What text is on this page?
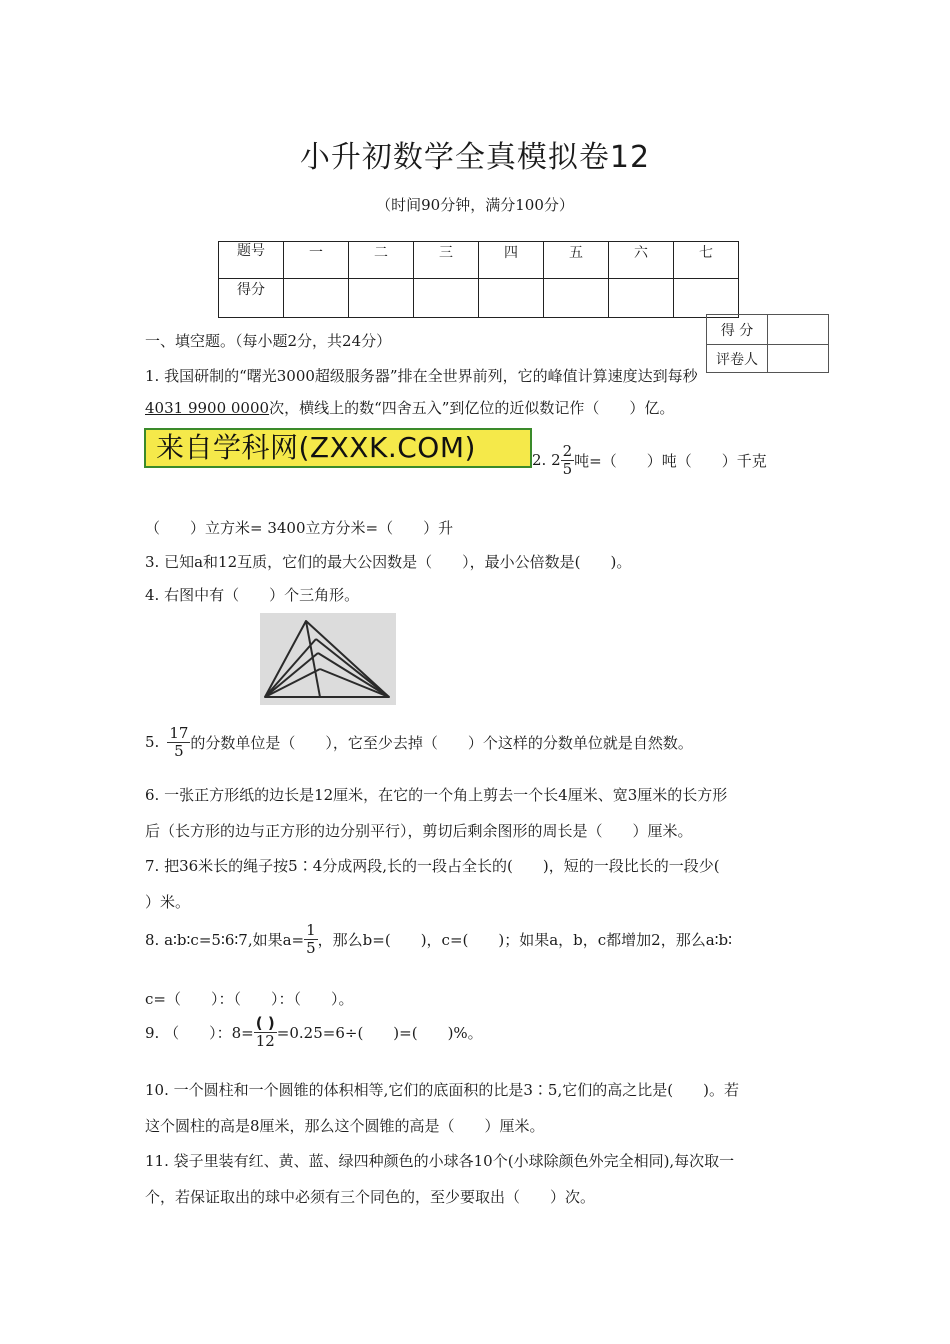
小升初数学全真模拟卷12
（时间90分钟，满分100分）
题号	一	二	三	四	五	六	七
得分							
得 分	
评卷人	
一、填空题。（每小题2分，共24分）
1. 我国研制的“曙光3000超级服务器”排在全世界前列，它的峰值计算速度达到每秒
4031 9900 0000次，横线上的数“四舍五入”到亿位的近似数记作（　　）亿。
来自学科网(ZXXK.COM)	2. $2 \frac{2}{5}$ 吨=（　　）吨（　　）千克
（　　）立方米= 3400立方分米=（　　）升
3. 已知a和12互质，它们的最大公因数是（　　），最小公倍数是(　　)。
4. 右图中有（　　）个三角形。
5. $\frac{17}{5}$ 的分数单位是（　　），它至少去掉（　　）个这样的分数单位就是自然数。
6. 一张正方形纸的边长是12厘米，在它的一个角上剪去一个长4厘米、宽3厘米的长方形
后（长方形的边与正方形的边分别平行），剪切后剩余图形的周长是（　　）厘米。
7. 把36米长的绳子按5∶4分成两段,长的一段占全长的(　　)，短的一段比长的一段少(
）米。
8. a∶b∶c=5∶6∶7,如果$a= \frac{1}{5}$ ，那么b=(　　)，c=(　　)；如果a，b，c都增加2，那么a∶b∶
c=（　　）：（　　）：（　　）。
9. （　　）：$8= \frac{( )}{12} =0.25=6\div$(　　)=(　　)%。
10. 一个圆柱和一个圆锥的体积相等,它们的底面积的比是3∶5,它们的高之比是(　　)。若
这个圆柱的高是8厘米，那么这个圆锥的高是（　　）厘米。
11. 袋子里装有红、黄、蓝、绿四种颜色的小球各10个(小球除颜色外完全相同),每次取一
个，若保证取出的球中必须有三个同色的，至少要取出（　　）次。
